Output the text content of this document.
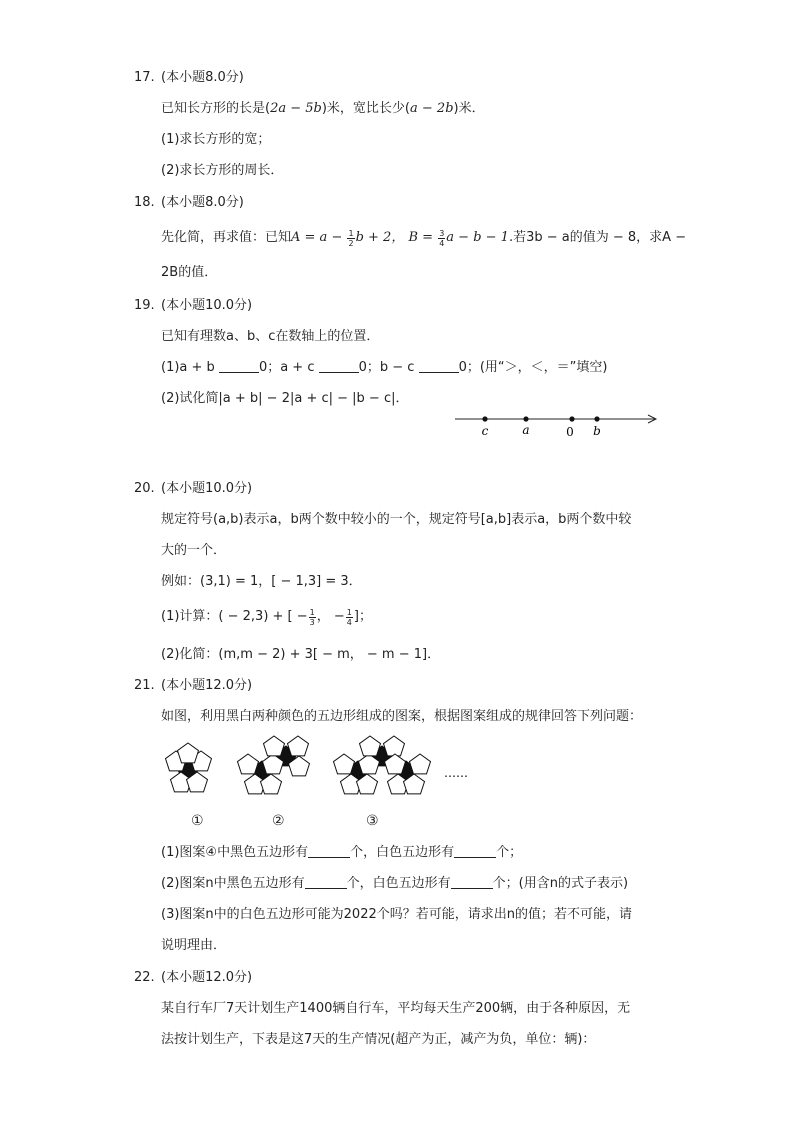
17. (本小题8.0分)
已知长方形的长是(2a − 5b)米，宽比长少(a − 2b)米．
(1)求长方形的宽；
(2)求长方形的周长．
18. (本小题8.0分)
先化简，再求值：已知$A = a - \frac{1}{2}$ b + 2， $B = \frac{3}{4}$ a − b − 1.若3b − a的值为 − 8，求A −
2B的值．
19. (本小题10.0分)
已知有理数a、b、c在数轴上的位置．
(1)a + b	0；a + c	0；b − c	0；(用“＞，＜，＝”填空)
(2)试化简|a + b| − 2|a + c| − |b − c|．
c	a	0 b
20. (本小题10.0分)
规定符号(a,b)表示a，b两个数中较小的一个，规定符号[a,b]表示a，b两个数中较
大的一个．
例如：(3,1) = 1，[ − 1,3] = 3．
(1)计算：( − 2,3) + [ − $\frac{1}{3}$ ， − $\frac{1}{4}$ ]；
(2)化简：(m,m − 2) + 3[ − m， − m − 1]．
21. (本小题12.0分)
如图，利用黑白两种颜色的五边形组成的图案，根据图案组成的规律回答下列问题：
……
①	②	③
(1)图案④中黑色五边形有	个，白色五边形有	个；
(2)图案n中黑色五边形有	个，白色五边形有	个；(用含n的式子表示)
(3)图案n中的白色五边形可能为2022个吗？若可能，请求出n的值；若不可能，请
说明理由．
22. (本小题12.0分)
某自行车厂7天计划生产1400辆自行车，平均每天生产200辆，由于各种原因，无
法按计划生产，下表是这7天的生产情况(超产为正，减产为负，单位：辆)：
